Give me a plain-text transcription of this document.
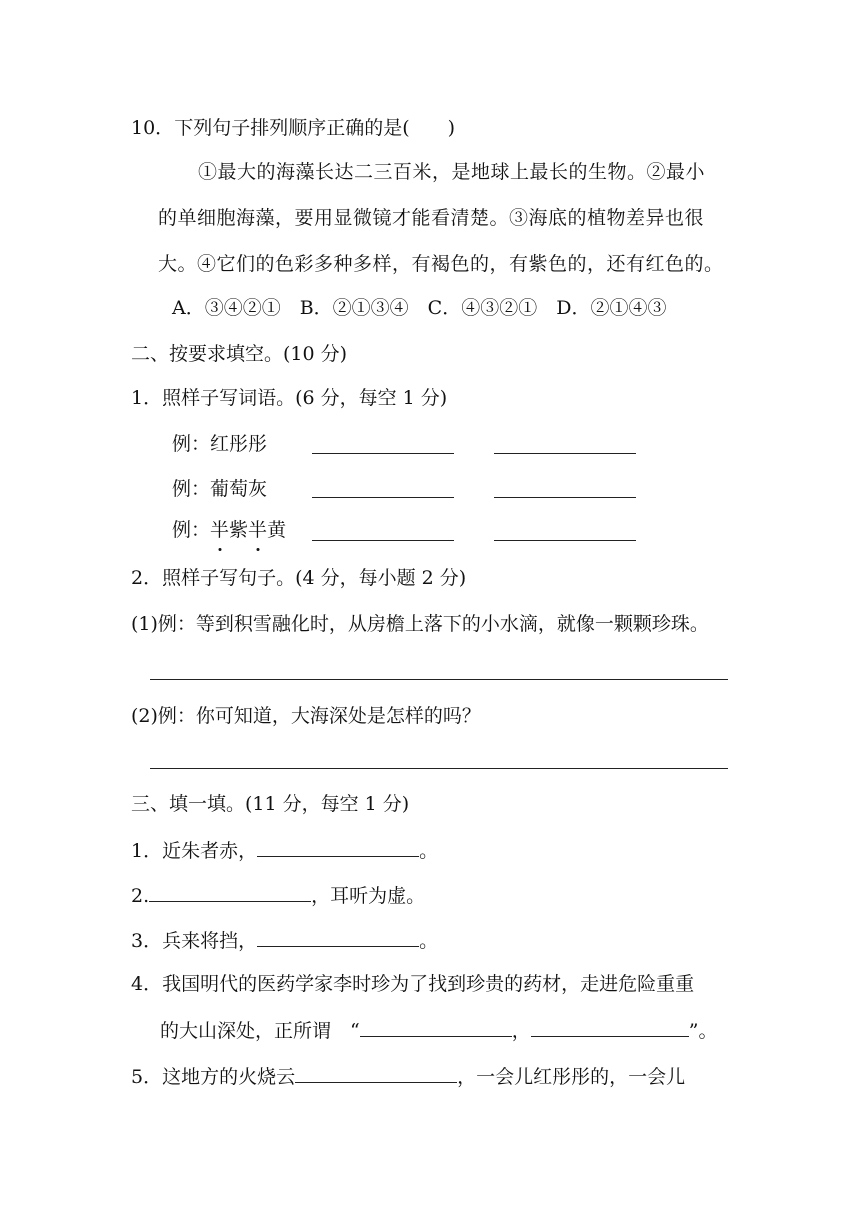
10．下列句子排列顺序正确的是(　　)
①最大的海藻长达二三百米，是地球上最长的生物。②最小
的单细胞海藻，要用显微镜才能看清楚。③海底的植物差异也很
大。④它们的色彩多种多样，有褐色的，有紫色的，还有红色的。
A．③④②①　B．②①③④　C．④③②①　D．②①④③
二、按要求填空。(10 分)
1．照样子写词语。(6 分，每空 1 分)
例：红彤彤
例：葡萄灰
例：半紫半黄
2．照样子写句子。(4 分，每小题 2 分)
(1)例：等到积雪融化时，从房檐上落下的小水滴，就像一颗颗珍珠。
(2)例：你可知道，大海深处是怎样的吗？
三、填一填。(11 分，每空 1 分)
1．近朱者赤，	。
2.	，耳听为虚。
3．兵来将挡，	。
4．我国明代的医药学家李时珍为了找到珍贵的药材，走进危险重重
的大山深处，正所谓　“	，	”。
5．这地方的火烧云	，一会儿红彤彤的，一会儿
